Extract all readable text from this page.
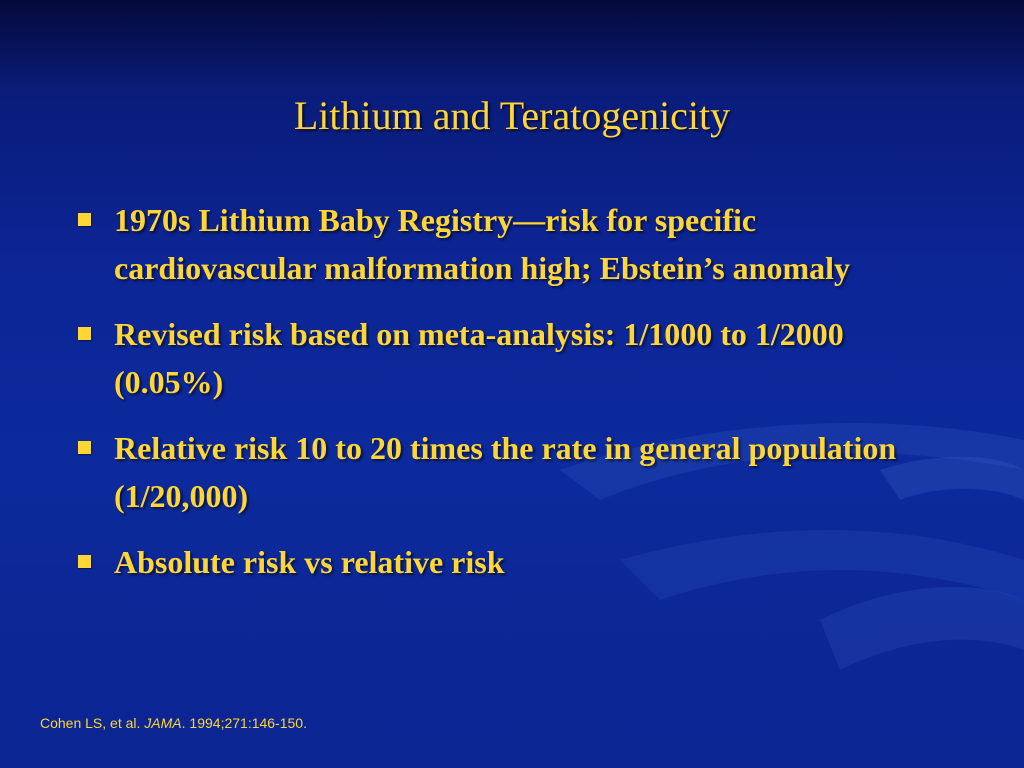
Lithium and Teratogenicity
1970s Lithium Baby Registry—risk for specific cardiovascular malformation high; Ebstein’s anomaly
Revised risk based on meta-analysis: 1/1000 to 1/2000 (0.05%)
Relative risk 10 to 20 times the rate in general population (1/20,000)
Absolute risk vs relative risk
Cohen LS, et al. JAMA. 1994;271:146-150.
